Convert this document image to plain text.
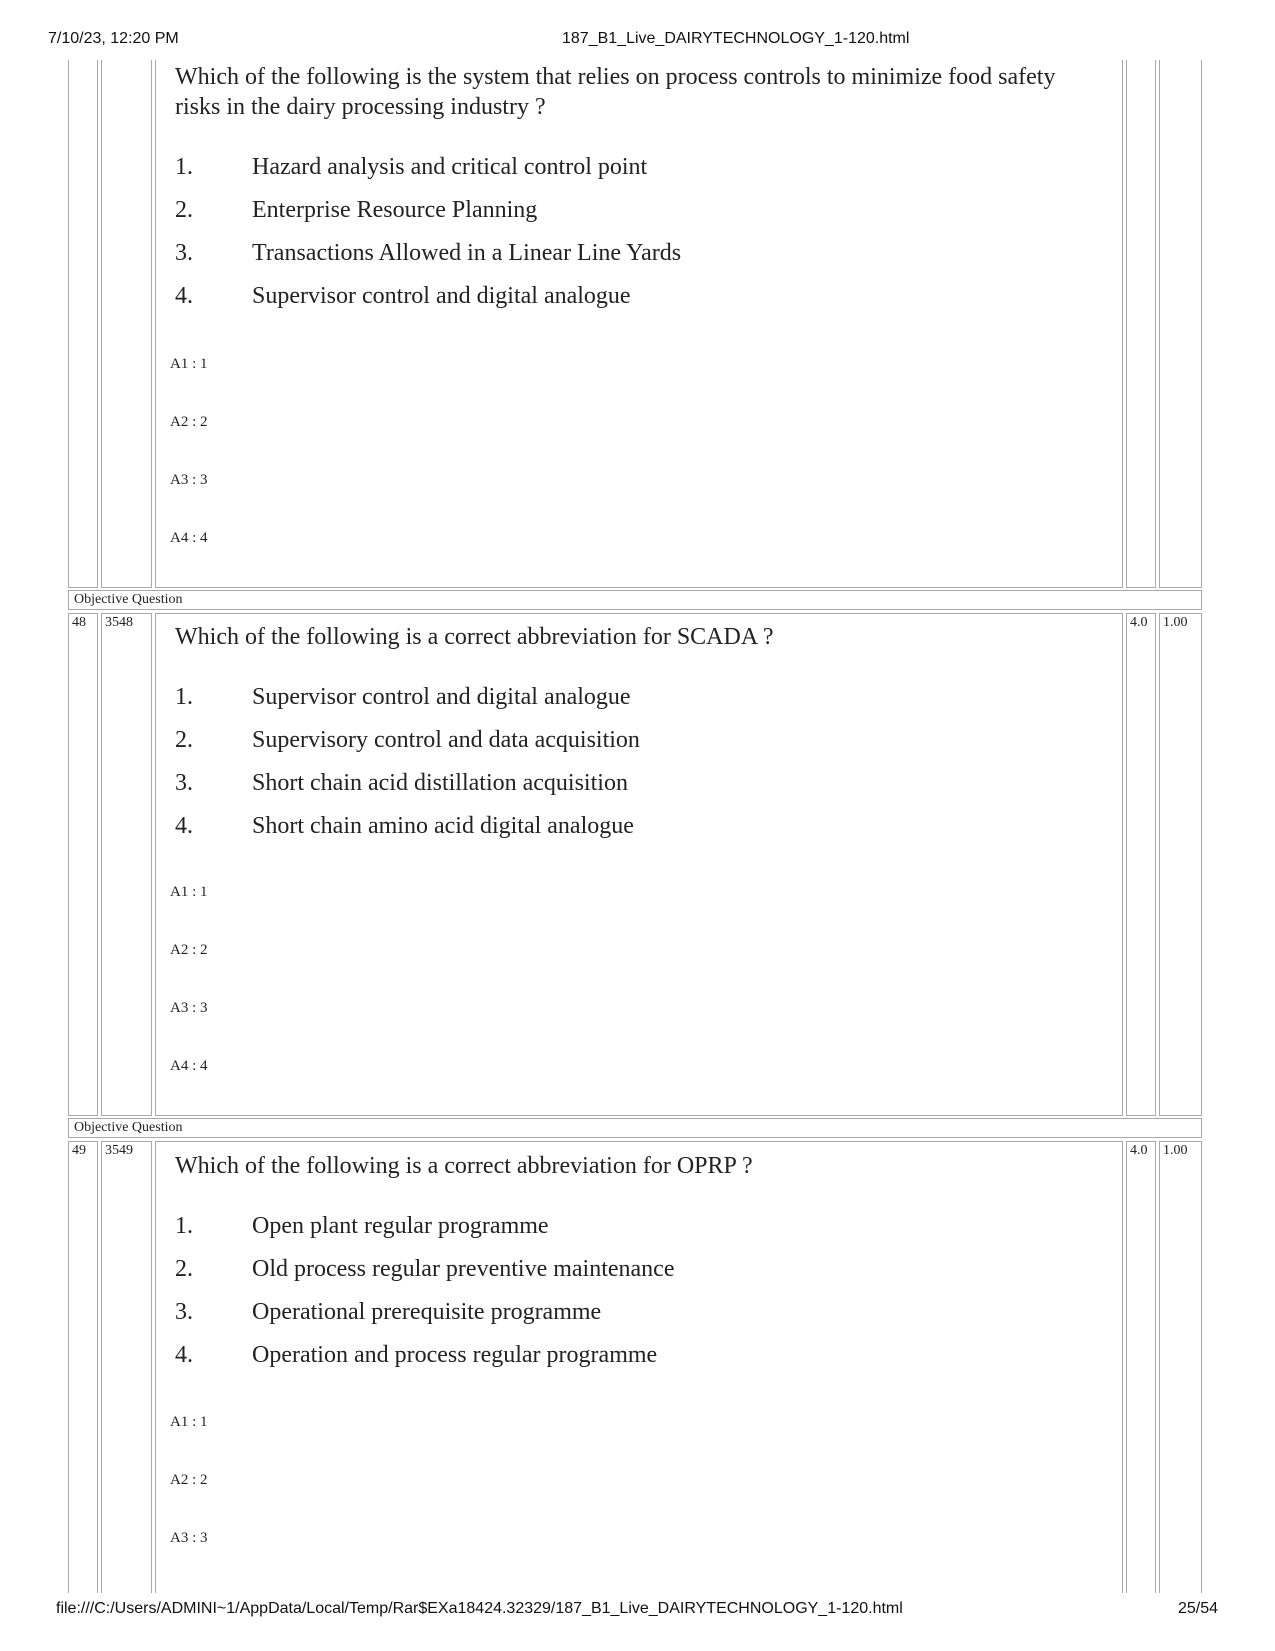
7/10/23, 12:20 PM	187_B1_Live_DAIRYTECHNOLOGY_1-120.html
Which of the following is the system that relies on process controls to minimize food safety risks in the dairy processing industry ?
1. Hazard analysis and critical control point
2. Enterprise Resource Planning
3. Transactions Allowed in a Linear Line Yards
4. Supervisor control and digital analogue
A1 : 1
A2 : 2
A3 : 3
A4 : 4
Objective Question
48	3548	4.0	1.00
Which of the following is a correct abbreviation for SCADA ?
1. Supervisor control and digital analogue
2. Supervisory control and data acquisition
3. Short chain acid distillation acquisition
4. Short chain amino acid digital analogue
A1 : 1
A2 : 2
A3 : 3
A4 : 4
Objective Question
49	3549	4.0	1.00
Which of the following is a correct abbreviation for OPRP ?
1. Open plant regular programme
2. Old process regular preventive maintenance
3. Operational prerequisite programme
4. Operation and process regular programme
A1 : 1
A2 : 2
A3 : 3
file:///C:/Users/ADMINI~1/AppData/Local/Temp/Rar$EXa18424.32329/187_B1_Live_DAIRYTECHNOLOGY_1-120.html	25/54
